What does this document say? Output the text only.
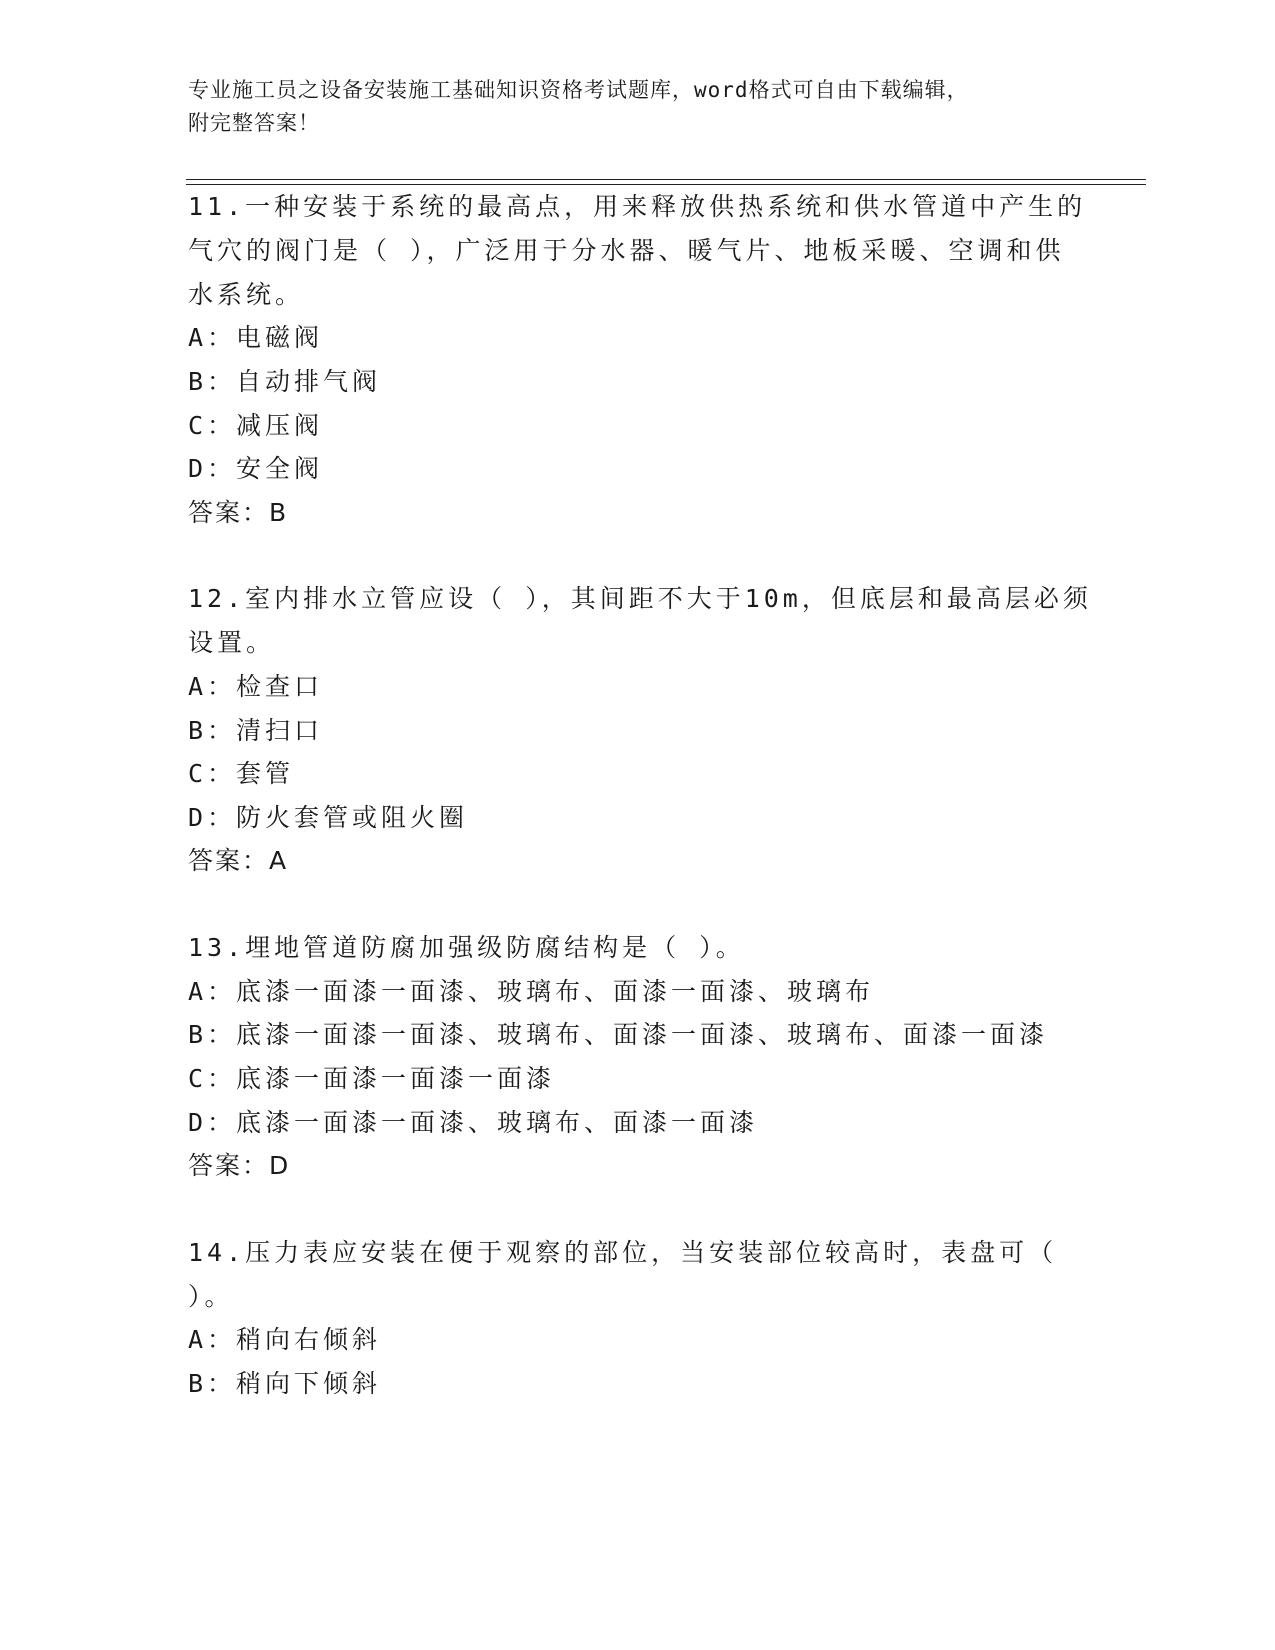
专业施工员之设备安装施工基础知识资格考试题库，word格式可自由下载编辑，
附完整答案！
11.一种安装于系统的最高点，用来释放供热系统和供水管道中产生的
气穴的阀门是（ ），广泛用于分水器、暖气片、地板采暖、空调和供
水系统。
A：电磁阀
B：自动排气阀
C：减压阀
D：安全阀
答案：B
12.室内排水立管应设（ ），其间距不大于10m，但底层和最高层必须
设置。
A：检查口
B：清扫口
C：套管
D：防火套管或阻火圈
答案：A
13.埋地管道防腐加强级防腐结构是（ ）。
A：底漆一面漆一面漆、玻璃布、面漆一面漆、玻璃布
B：底漆一面漆一面漆、玻璃布、面漆一面漆、玻璃布、面漆一面漆
C：底漆一面漆一面漆一面漆
D：底漆一面漆一面漆、玻璃布、面漆一面漆
答案：D
14.压力表应安装在便于观察的部位，当安装部位较高时，表盘可（
）。
A：稍向右倾斜
B：稍向下倾斜
